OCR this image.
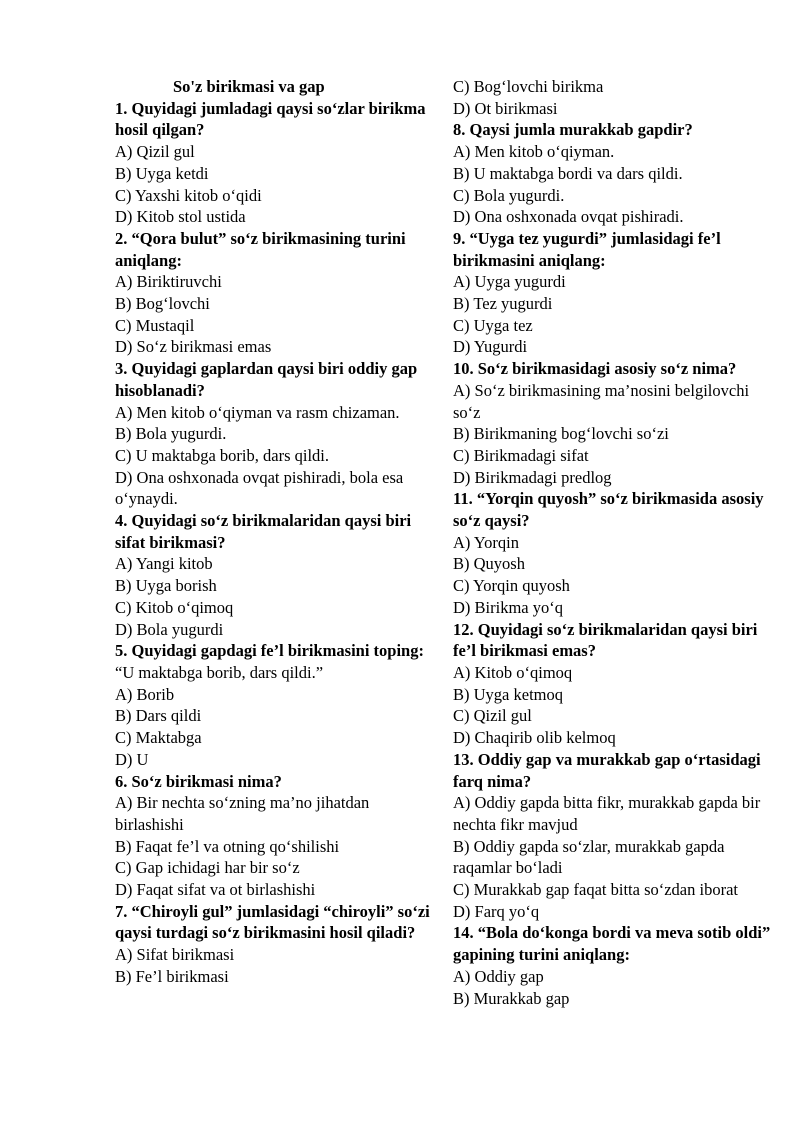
So'z birikmasi va gap
1. Quyidagi jumladagi qaysi so‘zlar birikma hosil qilgan?
A) Qizil gul
B) Uyga ketdi
C) Yaxshi kitob o‘qidi
D) Kitob stol ustida
2. “Qora bulut” so‘z birikmasining turini aniqlang:
A) Biriktiruvchi
B) Bog‘lovchi
C) Mustaqil
D) So‘z birikmasi emas
3. Quyidagi gaplardan qaysi biri oddiy gap hisoblanadi?
A) Men kitob o‘qiyman va rasm chizaman.
B) Bola yugurdi.
C) U maktabga borib, dars qildi.
D) Ona oshxonada ovqat pishiradi, bola esa o‘ynaydi.
4. Quyidagi so‘z birikmalaridan qaysi biri sifat birikmasi?
A) Yangi kitob
B) Uyga borish
C) Kitob o‘qimoq
D) Bola yugurdi
5. Quyidagi gapdagi fe’l birikmasini toping:
“U maktabga borib, dars qildi.”
A) Borib
B) Dars qildi
C) Maktabga
D) U
6. So‘z birikmasi nima?
A) Bir nechta so‘zning ma’no jihatdan birlashishi
B) Faqat fe’l va otning qo‘shilishi
C) Gap ichidagi har bir so‘z
D) Faqat sifat va ot birlashishi
7. “Chiroyli gul” jumlasidagi “chiroyli” so‘zi qaysi turdagi so‘z birikmasini hosil qiladi?
A) Sifat birikmasi
B) Fe’l birikmasi
C) Bog‘lovchi birikma
D) Ot birikmasi
8. Qaysi jumla murakkab gapdir?
A) Men kitob o‘qiyman.
B) U maktabga bordi va dars qildi.
C) Bola yugurdi.
D) Ona oshxonada ovqat pishiradi.
9. “Uyga tez yugurdi” jumlasidagi fe’l birikmasini aniqlang:
A) Uyga yugurdi
B) Tez yugurdi
C) Uyga tez
D) Yugurdi
10. So‘z birikmasidagi asosiy so‘z nima?
A) So‘z birikmasining ma’nosini belgilovchi so‘z
B) Birikmaning bog‘lovchi so‘zi
C) Birikmadagi sifat
D) Birikmadagi predlog
11. “Yorqin quyosh” so‘z birikmasida asosiy so‘z qaysi?
A) Yorqin
B) Quyosh
C) Yorqin quyosh
D) Birikma yo‘q
12. Quyidagi so‘z birikmalaridan qaysi biri fe’l birikmasi emas?
A) Kitob o‘qimoq
B) Uyga ketmoq
C) Qizil gul
D) Chaqirib olib kelmoq
13. Oddiy gap va murakkab gap o‘rtasidagi farq nima?
A) Oddiy gapda bitta fikr, murakkab gapda bir nechta fikr mavjud
B) Oddiy gapda so‘zlar, murakkab gapda raqamlar bo‘ladi
C) Murakkab gap faqat bitta so‘zdan iborat
D) Farq yo‘q
14. “Bola do‘konga bordi va meva sotib oldi” gapining turini aniqlang:
A) Oddiy gap
B) Murakkab gap
